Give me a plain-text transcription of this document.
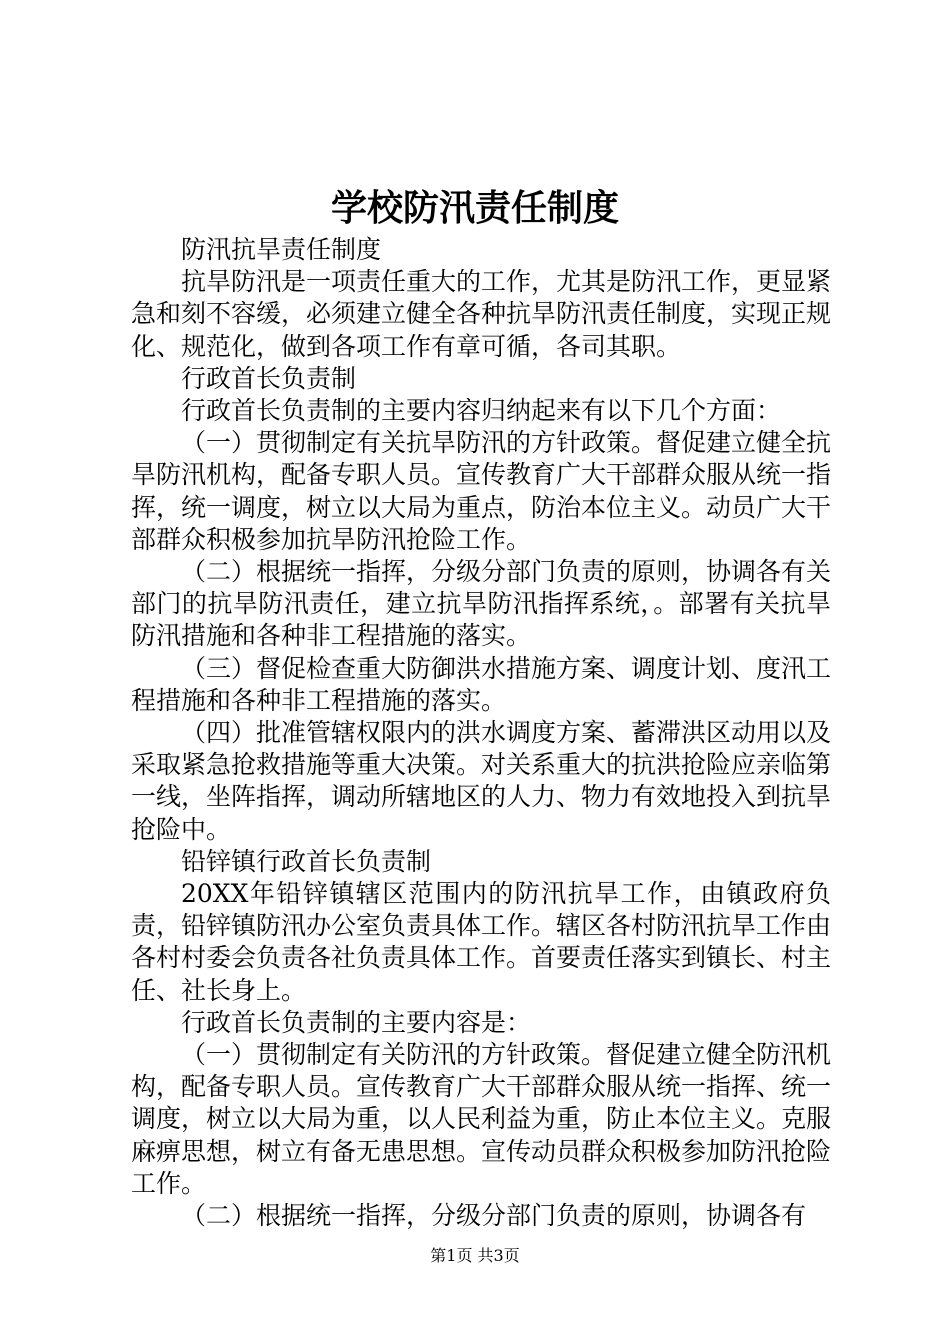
学校防汛责任制度

防汛抗旱责任制度

抗旱防汛是一项责任重大的工作，尤其是防汛工作，更显紧急和刻不容缓，必须建立健全各种抗旱防汛责任制度，实现正规化、规范化，做到各项工作有章可循，各司其职。

行政首长负责制

行政首长负责制的主要内容归纳起来有以下几个方面：

（一）贯彻制定有关抗旱防汛的方针政策。督促建立健全抗旱防汛机构，配备专职人员。宣传教育广大干部群众服从统一指挥，统一调度，树立以大局为重点，防治本位主义。动员广大干部群众积极参加抗旱防汛抢险工作。

（二）根据统一指挥，分级分部门负责的原则，协调各有关部门的抗旱防汛责任，建立抗旱防汛指挥系统，。部署有关抗旱防汛措施和各种非工程措施的落实。

（三）督促检查重大防御洪水措施方案、调度计划、度汛工程措施和各种非工程措施的落实。

（四）批准管辖权限内的洪水调度方案、蓄滞洪区动用以及采取紧急抢救措施等重大决策。对关系重大的抗洪抢险应亲临第一线，坐阵指挥，调动所辖地区的人力、物力有效地投入到抗旱抢险中。

铅锌镇行政首长负责制

20XX年铅锌镇辖区范围内的防汛抗旱工作，由镇政府负责，铅锌镇防汛办公室负责具体工作。辖区各村防汛抗旱工作由各村村委会负责各社负责具体工作。首要责任落实到镇长、村主任、社长身上。

行政首长负责制的主要内容是：

（一）贯彻制定有关防汛的方针政策。督促建立健全防汛机构，配备专职人员。宣传教育广大干部群众服从统一指挥、统一调度，树立以大局为重，以人民利益为重，防止本位主义。克服麻痹思想，树立有备无患思想。宣传动员群众积极参加防汛抢险工作。

（二）根据统一指挥，分级分部门负责的原则，协调各有

第1页 共3页
